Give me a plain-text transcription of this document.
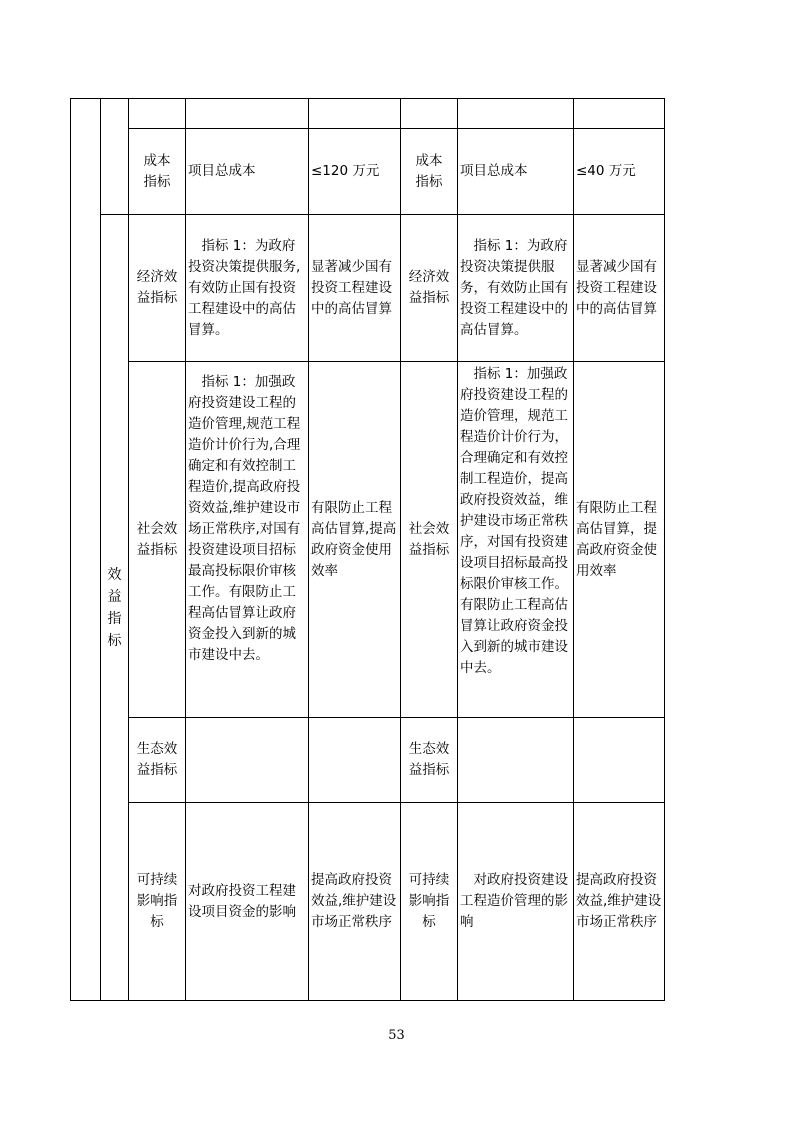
效益指标
成本指标
项目总成本	≤120 万元
成本指标
项目总成本	≤40 万元
经济效益指标
　指标 1：为政府投资决策提供服务,有效防止国有投资工程建设中的高估冒算。
显著减少国有投资工程建设中的高估冒算
经济效益指标
　指标 1：为政府投资决策提供服务，有效防止国有投资工程建设中的高估冒算。
显著减少国有投资工程建设中的高估冒算
社会效益指标
　指标 1：加强政府投资建设工程的造价管理,规范工程造价计价行为,合理确定和有效控制工程造价,提高政府投资效益,维护建设市场正常秩序,对国有投资建设项目招标最高投标限价审核工作。有限防止工程高估冒算让政府资金投入到新的城市建设中去。
有限防止工程高估冒算,提高政府资金使用效率
社会效益指标
　指标 1：加强政府投资建设工程的造价管理，规范工程造价计价行为，合理确定和有效控制工程造价，提高政府投资效益，维护建设市场正常秩序，对国有投资建设项目招标最高投标限价审核工作。有限防止工程高估冒算让政府资金投入到新的城市建设中去。
有限防止工程高估冒算，提高政府资金使用效率
生态效益指标
生态效益指标
可持续影响指标
对政府投资工程建设项目资金的影响
提高政府投资效益,维护建设市场正常秩序
可持续影响指标
　对政府投资建设工程造价管理的影响
提高政府投资效益,维护建设市场正常秩序
53
